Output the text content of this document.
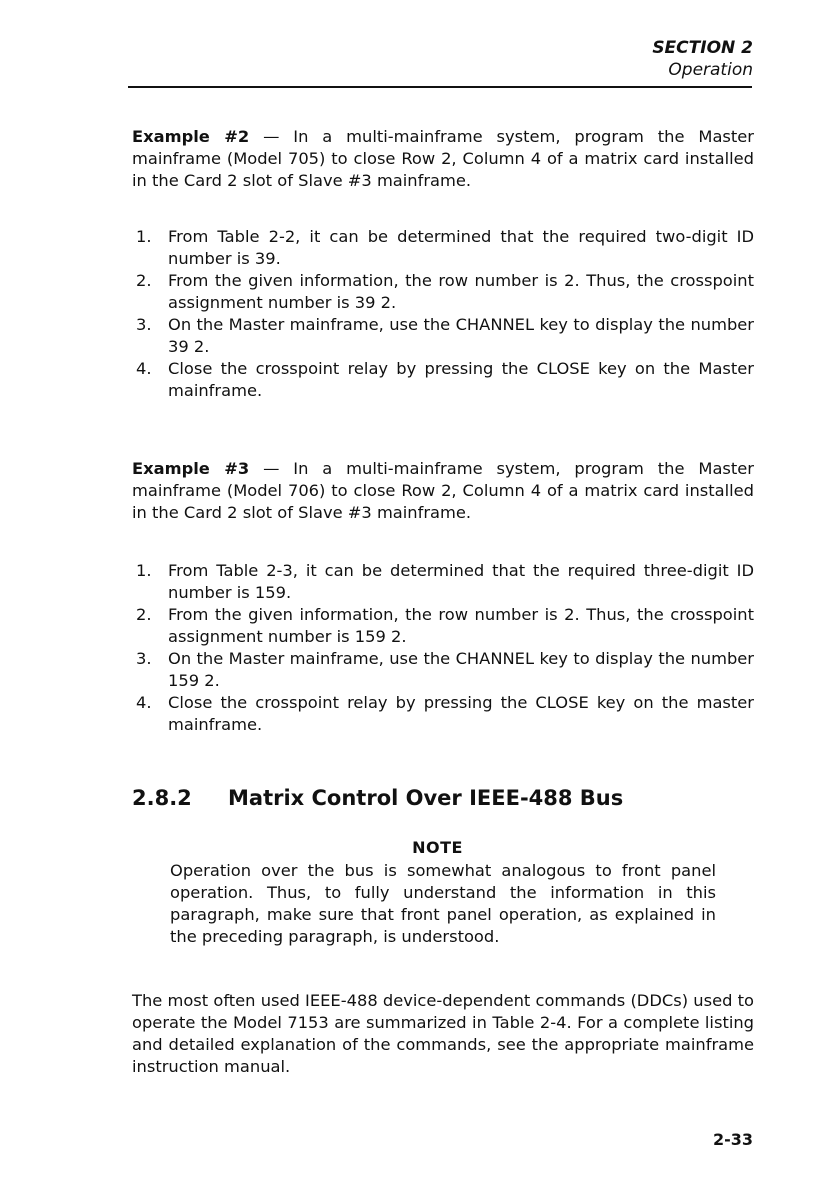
SECTION 2
Operation

Example #2 — In a multi-mainframe system, program the Master mainframe (Model 705) to close Row 2, Column 4 of a matrix card installed in the Card 2 slot of Slave #3 mainframe.

1. From Table 2-2, it can be determined that the required two-digit ID number is 39.
2. From the given information, the row number is 2. Thus, the crosspoint assignment number is 39 2.
3. On the Master mainframe, use the CHANNEL key to display the number 39 2.
4. Close the crosspoint relay by pressing the CLOSE key on the Master mainframe.

Example #3 — In a multi-mainframe system, program the Master mainframe (Model 706) to close Row 2, Column 4 of a matrix card installed in the Card 2 slot of Slave #3 mainframe.

1. From Table 2-3, it can be determined that the required three-digit ID number is 159.
2. From the given information, the row number is 2. Thus, the crosspoint assignment number is 159 2.
3. On the Master mainframe, use the CHANNEL key to display the number 159 2.
4. Close the crosspoint relay by pressing the CLOSE key on the master mainframe.
2.8.2 Matrix Control Over IEEE-488 Bus
NOTE

Operation over the bus is somewhat analogous to front panel operation. Thus, to fully understand the information in this paragraph, make sure that front panel operation, as explained in the preceding paragraph, is understood.

The most often used IEEE-488 device-dependent commands (DDCs) used to operate the Model 7153 are summarized in Table 2-4. For a complete listing and detailed explanation of the commands, see the appropriate mainframe instruction manual.

2-33
